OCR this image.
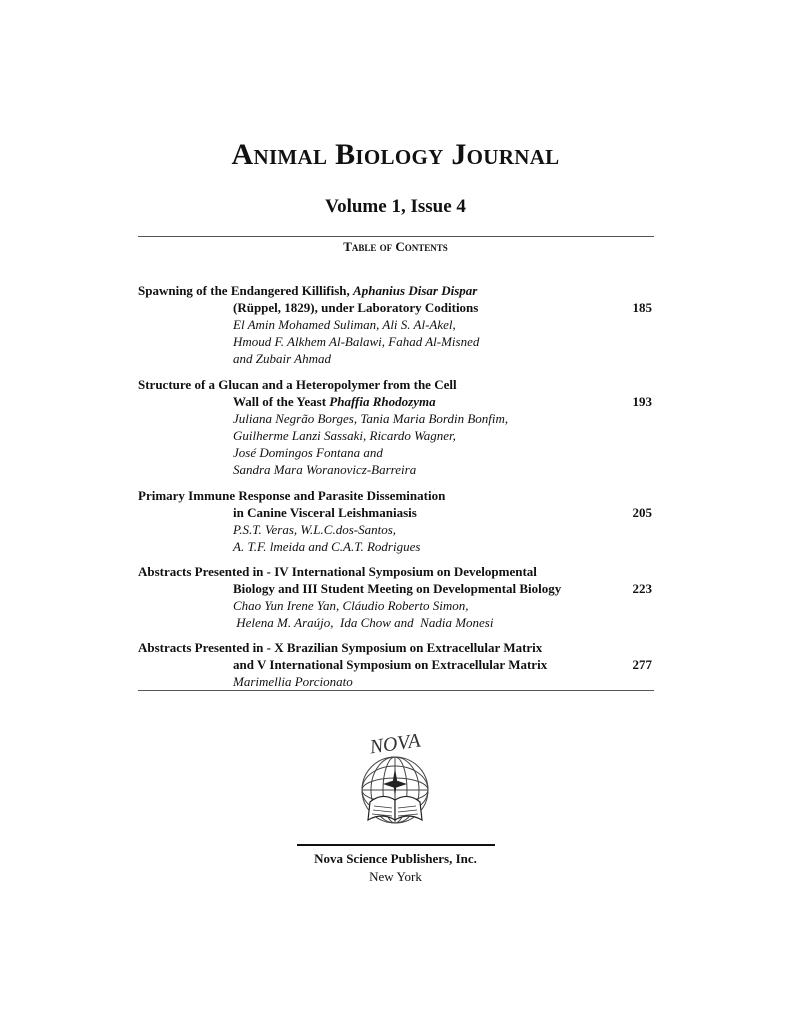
Animal Biology Journal
Volume 1, Issue 4
Table of Contents
Spawning of the Endangered Killifish, Aphanius Disar Dispar
(Rüppel, 1829), under Laboratory Coditions	185
El Amin Mohamed Suliman, Ali S. Al-Akel,
Hmoud F. Alkhem Al-Balawi, Fahad Al-Misned
and Zubair Ahmad
Structure of a Glucan and a Heteropolymer from the Cell
Wall of the Yeast Phaffia Rhodozyma	193
Juliana Negrão Borges, Tania Maria Bordin Bonfim,
Guilherme Lanzi Sassaki, Ricardo Wagner,
José Domingos Fontana and
Sandra Mara Woranovicz-Barreira
Primary Immune Response and Parasite Dissemination
in Canine Visceral Leishmaniasis	205
P.S.T. Veras, W.L.C.dos-Santos,
A. T.F. lmeida and C.A.T. Rodrigues
Abstracts Presented in - IV International Symposium on Developmental
Biology and III Student Meeting on Developmental Biology	223
Chao Yun Irene Yan, Cláudio Roberto Simon,
Helena M. Araújo,  Ida Chow and  Nadia Monesi
Abstracts Presented in - X Brazilian Symposium on Extracellular Matrix
and V International Symposium on Extracellular Matrix	277
Marimellia Porcionato
NOVA
Nova Science Publishers, Inc.
New York
